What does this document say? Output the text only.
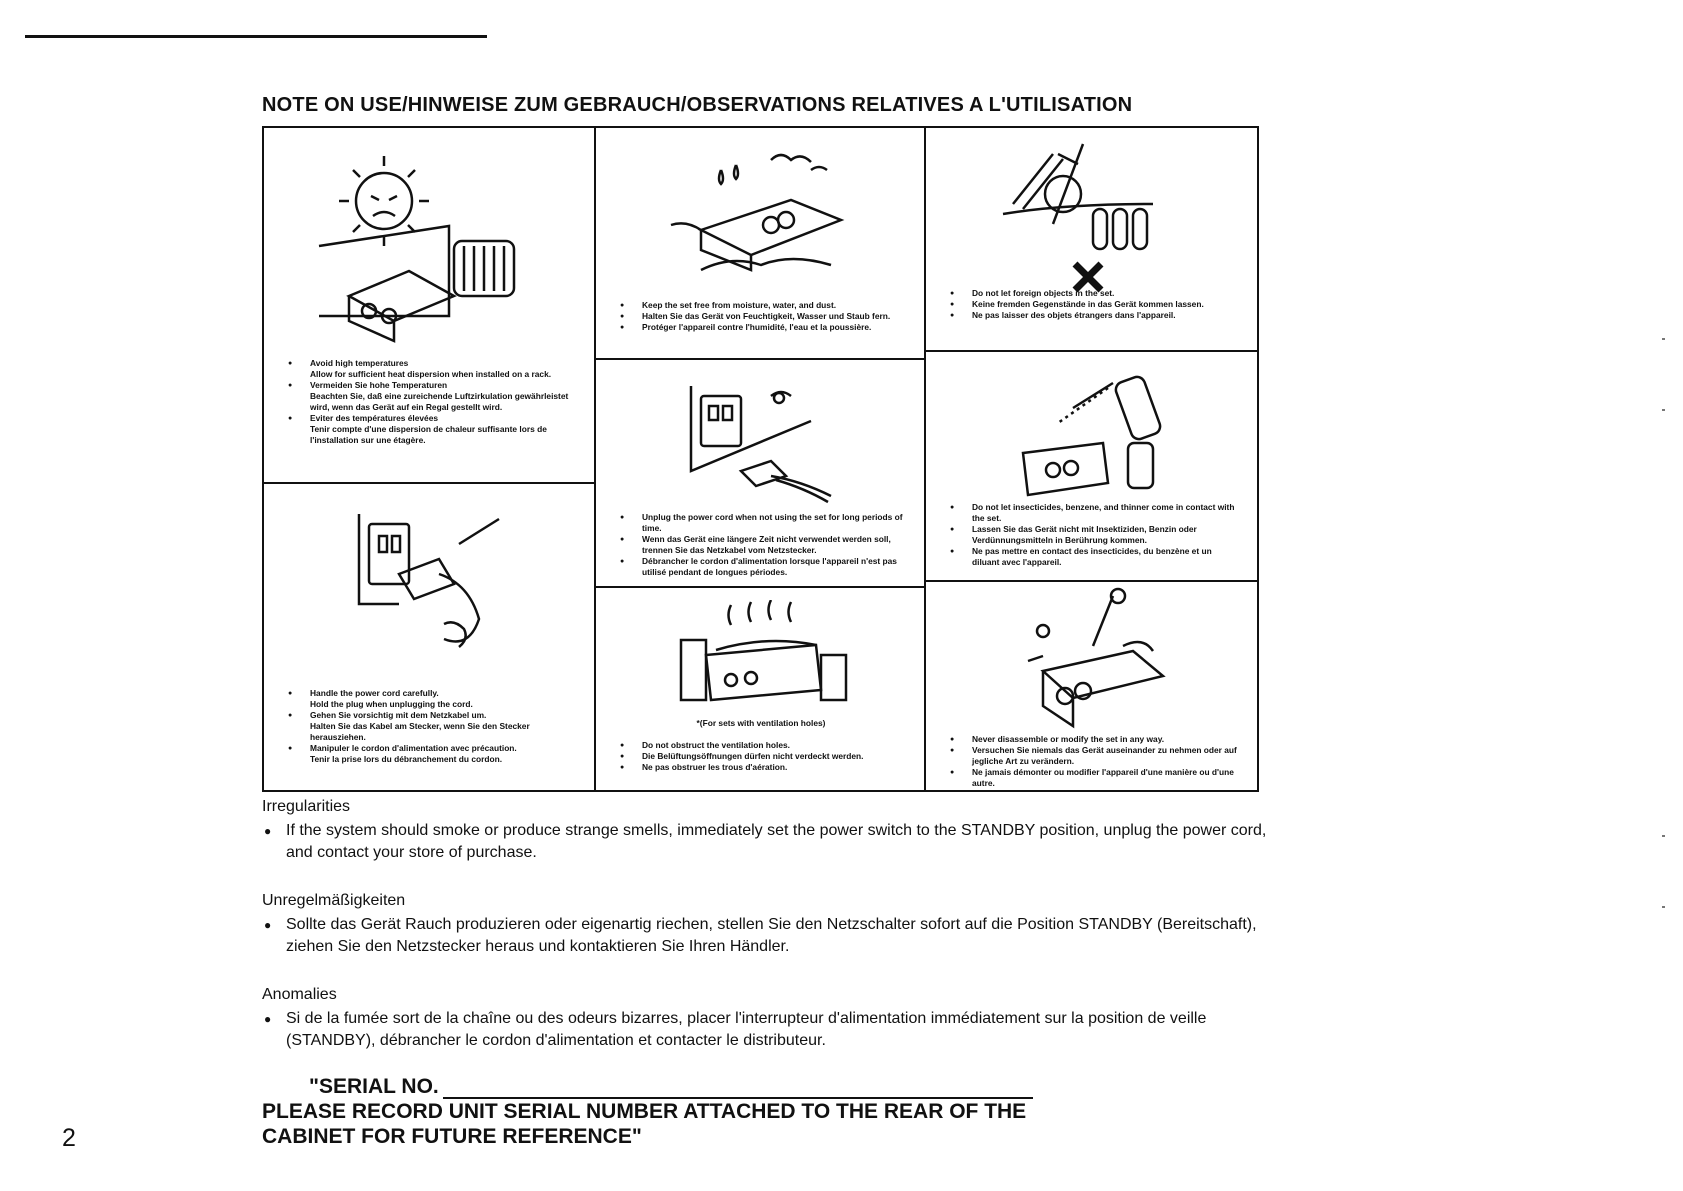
NOTE ON USE/HINWEISE ZUM GEBRAUCH/OBSERVATIONS RELATIVES A L'UTILISATION
● Avoid high temperatures
Allow for sufficient heat dispersion when installed on a rack.
● Vermeiden Sie hohe Temperaturen
Beachten Sie, daß eine zureichende Luftzirkulation gewährleistet wird, wenn das Gerät auf ein Regal gestellt wird.
● Eviter des températures élevées
Tenir compte d'une dispersion de chaleur suffisante lors de l'installation sur une étagère.
● Handle the power cord carefully.
Hold the plug when unplugging the cord.
● Gehen Sie vorsichtig mit dem Netzkabel um.
Halten Sie das Kabel am Stecker, wenn Sie den Stecker herausziehen.
● Manipuler le cordon d'alimentation avec précaution.
Tenir la prise lors du débranchement du cordon.
● Keep the set free from moisture, water, and dust.
● Halten Sie das Gerät von Feuchtigkeit, Wasser und Staub fern.
● Protéger l'appareil contre l'humidité, l'eau et la poussière.
● Unplug the power cord when not using the set for long periods of time.
● Wenn das Gerät eine längere Zeit nicht verwendet werden soll, trennen Sie das Netzkabel vom Netzstecker.
● Débrancher le cordon d'alimentation lorsque l'appareil n'est pas utilisé pendant de longues périodes.
*(For sets with ventilation holes)
● Do not obstruct the ventilation holes.
● Die Belüftungsöffnungen dürfen nicht verdeckt werden.
● Ne pas obstruer les trous d'aération.
● Do not let foreign objects in the set.
● Keine fremden Gegenstände in das Gerät kommen lassen.
● Ne pas laisser des objets étrangers dans l'appareil.
● Do not let insecticides, benzene, and thinner come in contact with the set.
● Lassen Sie das Gerät nicht mit Insektiziden, Benzin oder Verdünnungsmitteln in Berührung kommen.
● Ne pas mettre en contact des insecticides, du benzène et un diluant avec l'appareil.
● Never disassemble or modify the set in any way.
● Versuchen Sie niemals das Gerät auseinander zu nehmen oder auf jegliche Art zu verändern.
● Ne jamais démonter ou modifier l'appareil d'une manière ou d'une autre.
Irregularities

● If the system should smoke or produce strange smells, immediately set the power switch to the STANDBY position, unplug the power cord, and contact your store of purchase.

Unregelmäßigkeiten

● Sollte das Gerät Rauch produzieren oder eigenartig riechen, stellen Sie den Netzschalter sofort auf die Position STANDBY (Bereitschaft), ziehen Sie den Netzstecker heraus und kontaktieren Sie Ihren Händler.

Anomalies

● Si de la fumée sort de la chaîne ou des odeurs bizarres, placer l'interrupteur d'alimentation immédiatement sur la position de veille (STANDBY), débrancher le cordon d'alimentation et contacter le distributeur.

"SERIAL NO.
PLEASE RECORD UNIT SERIAL NUMBER ATTACHED TO THE REAR OF THE
CABINET FOR FUTURE REFERENCE"
2
